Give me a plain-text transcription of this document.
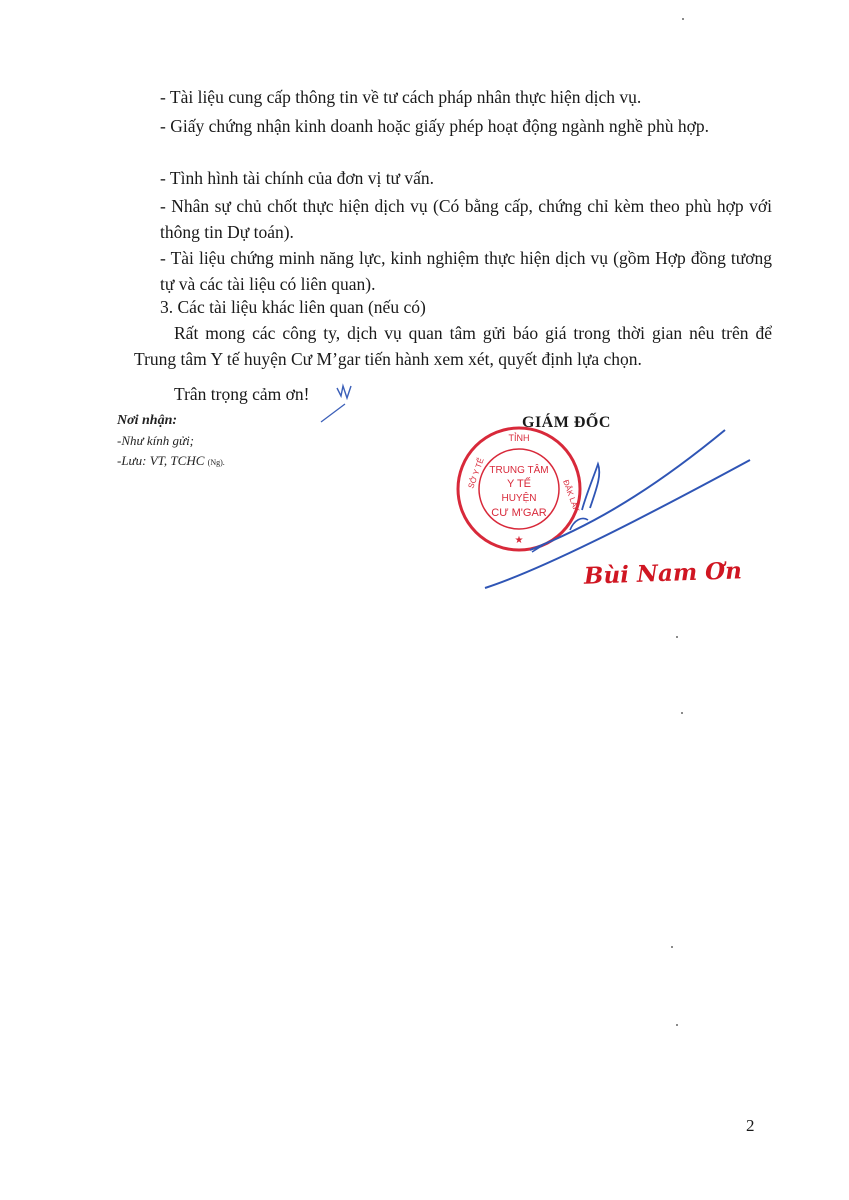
- Tài liệu cung cấp thông tin về tư cách pháp nhân thực hiện dịch vụ.
- Giấy chứng nhận kinh doanh hoặc giấy phép hoạt động ngành nghề phù hợp.
- Tình hình tài chính của đơn vị tư vấn.
- Nhân sự chủ chốt thực hiện dịch vụ (Có bằng cấp, chứng chỉ kèm theo phù hợp với thông tin Dự toán).
- Tài liệu chứng minh năng lực, kinh nghiệm thực hiện dịch vụ (gồm Hợp đồng tương tự và các tài liệu có liên quan).
3. Các tài liệu khác liên quan (nếu có)
Rất mong các công ty, dịch vụ quan tâm gửi báo giá trong thời gian nêu trên để Trung tâm Y tế huyện Cư M’gar tiến hành xem xét, quyết định lựa chọn.
Trân trọng cảm ơn!
Nơi nhận:
-Như kính gửi;
-Lưu: VT, TCHC (Ng).
GIÁM ĐỐC
TỈNH
SỞ Y TẾ
ĐẮK LẮK
TRUNG TÂM
Y TẾ
HUYỆN
CƯ M'GAR
★
Bùi Nam Ơn
2
